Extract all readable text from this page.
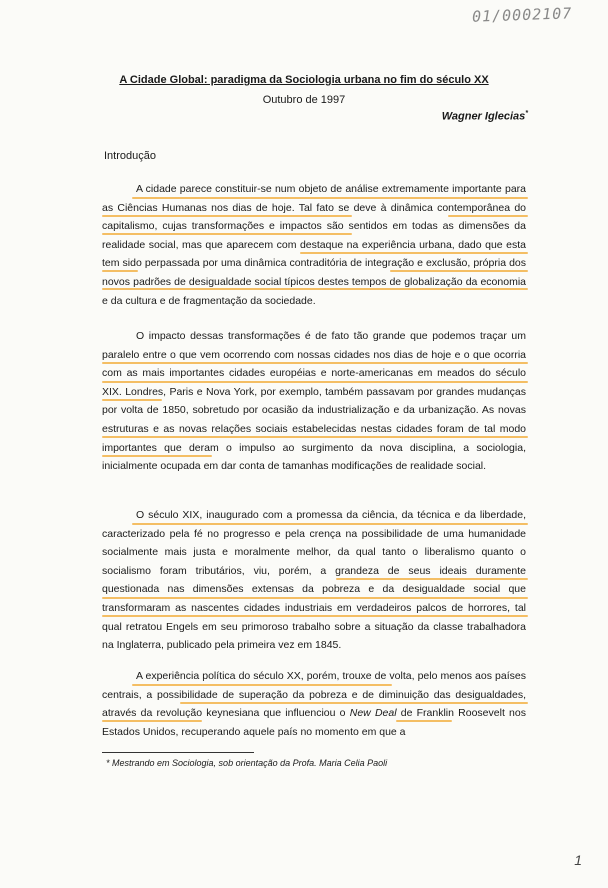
01/0002107
A Cidade Global: paradigma da Sociologia urbana no fim do século XX
Outubro de 1997
Wagner Iglecias*
Introdução

A cidade parece constituir-se num objeto de análise extremamente importante para as Ciências Humanas nos dias de hoje. Tal fato se deve à dinâmica contemporânea do capitalismo, cujas transformações e impactos são sentidos em todas as dimensões da realidade social, mas que aparecem com destaque na experiência urbana, dado que esta tem sido perpassada por uma dinâmica contraditória de integração e exclusão, própria dos novos padrões de desigualdade social típicos destes tempos de globalização da economia e da cultura e de fragmentação da sociedade.

O impacto dessas transformações é de fato tão grande que podemos traçar um paralelo entre o que vem ocorrendo com nossas cidades nos dias de hoje e o que ocorria com as mais importantes cidades européias e norte-americanas em meados do século XIX. Londres, Paris e Nova York, por exemplo, também passavam por grandes mudanças por volta de 1850, sobretudo por ocasião da industrialização e da urbanização. As novas estruturas e as novas relações sociais estabelecidas nestas cidades foram de tal modo importantes que deram o impulso ao surgimento da nova disciplina, a sociologia, inicialmente ocupada em dar conta de tamanhas modificações de realidade social.

O século XIX, inaugurado com a promessa da ciência, da técnica e da liberdade, caracterizado pela fé no progresso e pela crença na possibilidade de uma humanidade socialmente mais justa e moralmente melhor, da qual tanto o liberalismo quanto o socialismo foram tributários, viu, porém, a grandeza de seus ideais duramente questionada nas dimensões extensas da pobreza e da desigualdade social que transformaram as nascentes cidades industriais em verdadeiros palcos de horrores, tal qual retratou Engels em seu primoroso trabalho sobre a situação da classe trabalhadora na Inglaterra, publicado pela primeira vez em 1845.

A experiência política do século XX, porém, trouxe de volta, pelo menos aos países centrais, a possibilidade de superação da pobreza e de diminuição das desigualdades, através da revolução keynesiana que influenciou o New Deal de Franklin Roosevelt nos Estados Unidos, recuperando aquele país no momento em que a

* Mestrando em Sociologia, sob orientação da Profa. Maria Celia Paoli
1
